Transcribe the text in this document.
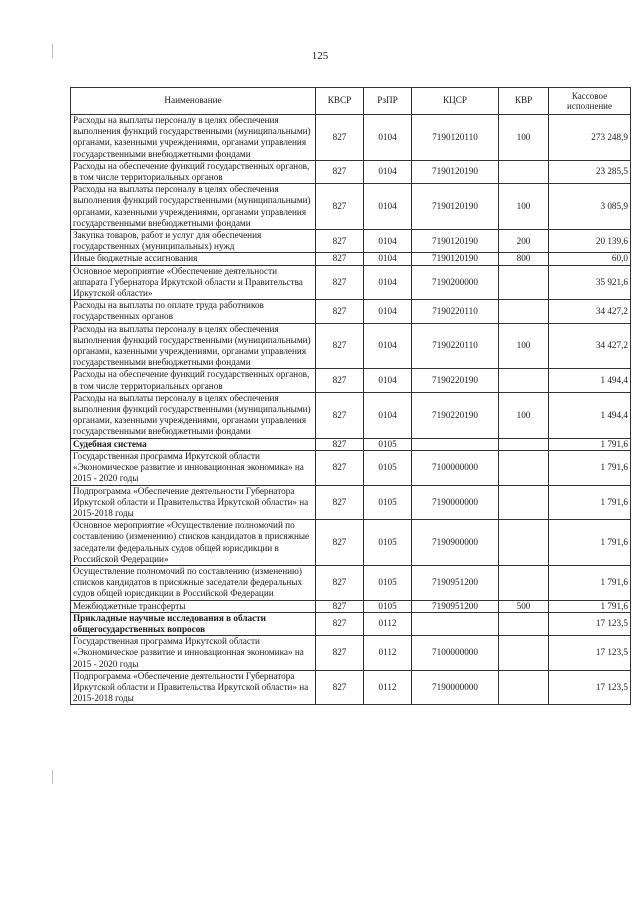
125
Наименование	КВСР	РзПР	КЦСР	КВР	Кассовое исполнение
Расходы на выплаты персоналу в целях обеспечения выполнения функций государственными (муниципальными) органами, казенными учреждениями, органами управления государственными внебюджетными фондами	827	0104	7190120110	100	273 248,9
Расходы на обеспечение функций государственных органов, в том числе территориальных органов	827	0104	7190120190		23 285,5
Расходы на выплаты персоналу в целях обеспечения выполнения функций государственными (муниципальными) органами, казенными учреждениями, органами управления государственными внебюджетными фондами	827	0104	7190120190	100	3 085,9
Закупка товаров, работ и услуг для обеспечения государственных (муниципальных) нужд	827	0104	7190120190	200	20 139,6
Иные бюджетные ассигнования	827	0104	7190120190	800	60,0
Основное мероприятие «Обеспечение деятельности аппарата Губернатора Иркутской области и Правительства Иркутской области»	827	0104	7190200000		35 921,6
Расходы на выплаты по оплате труда работников государственных органов	827	0104	7190220110		34 427,2
Расходы на выплаты персоналу в целях обеспечения выполнения функций государственными (муниципальными) органами, казенными учреждениями, органами управления государственными внебюджетными фондами	827	0104	7190220110	100	34 427,2
Расходы на обеспечение функций государственных органов, в том числе территориальных органов	827	0104	7190220190		1 494,4
Расходы на выплаты персоналу в целях обеспечения выполнения функций государственными (муниципальными) органами, казенными учреждениями, органами управления государственными внебюджетными фондами	827	0104	7190220190	100	1 494,4
Судебная система	827	0105			1 791,6
Государственная программа Иркутской области «Экономическое развитие и инновационная экономика» на 2015 - 2020 годы	827	0105	7100000000		1 791,6
Подпрограмма «Обеспечение деятельности Губернатора Иркутской области и Правительства Иркутской области» на 2015-2018 годы	827	0105	7190000000		1 791,6
Основное мероприятие «Осуществление полномочий по составлению (изменению) списков кандидатов в присяжные заседатели федеральных судов общей юрисдикции в Российской Федерации»	827	0105	7190900000		1 791,6
Осуществление полномочий по составлению (изменению) списков кандидатов в присяжные заседатели федеральных судов общей юрисдикции в Российской Федерации	827	0105	7190951200		1 791,6
Межбюджетные трансферты	827	0105	7190951200	500	1 791,6
Прикладные научные исследования в области общегосударственных вопросов	827	0112			17 123,5
Государственная программа Иркутской области «Экономическое развитие и инновационная экономика» на 2015 - 2020 годы	827	0112	7100000000		17 123,5
Подпрограмма «Обеспечение деятельности Губернатора Иркутской области и Правительства Иркутской области» на 2015-2018 годы	827	0112	7190000000		17 123,5
